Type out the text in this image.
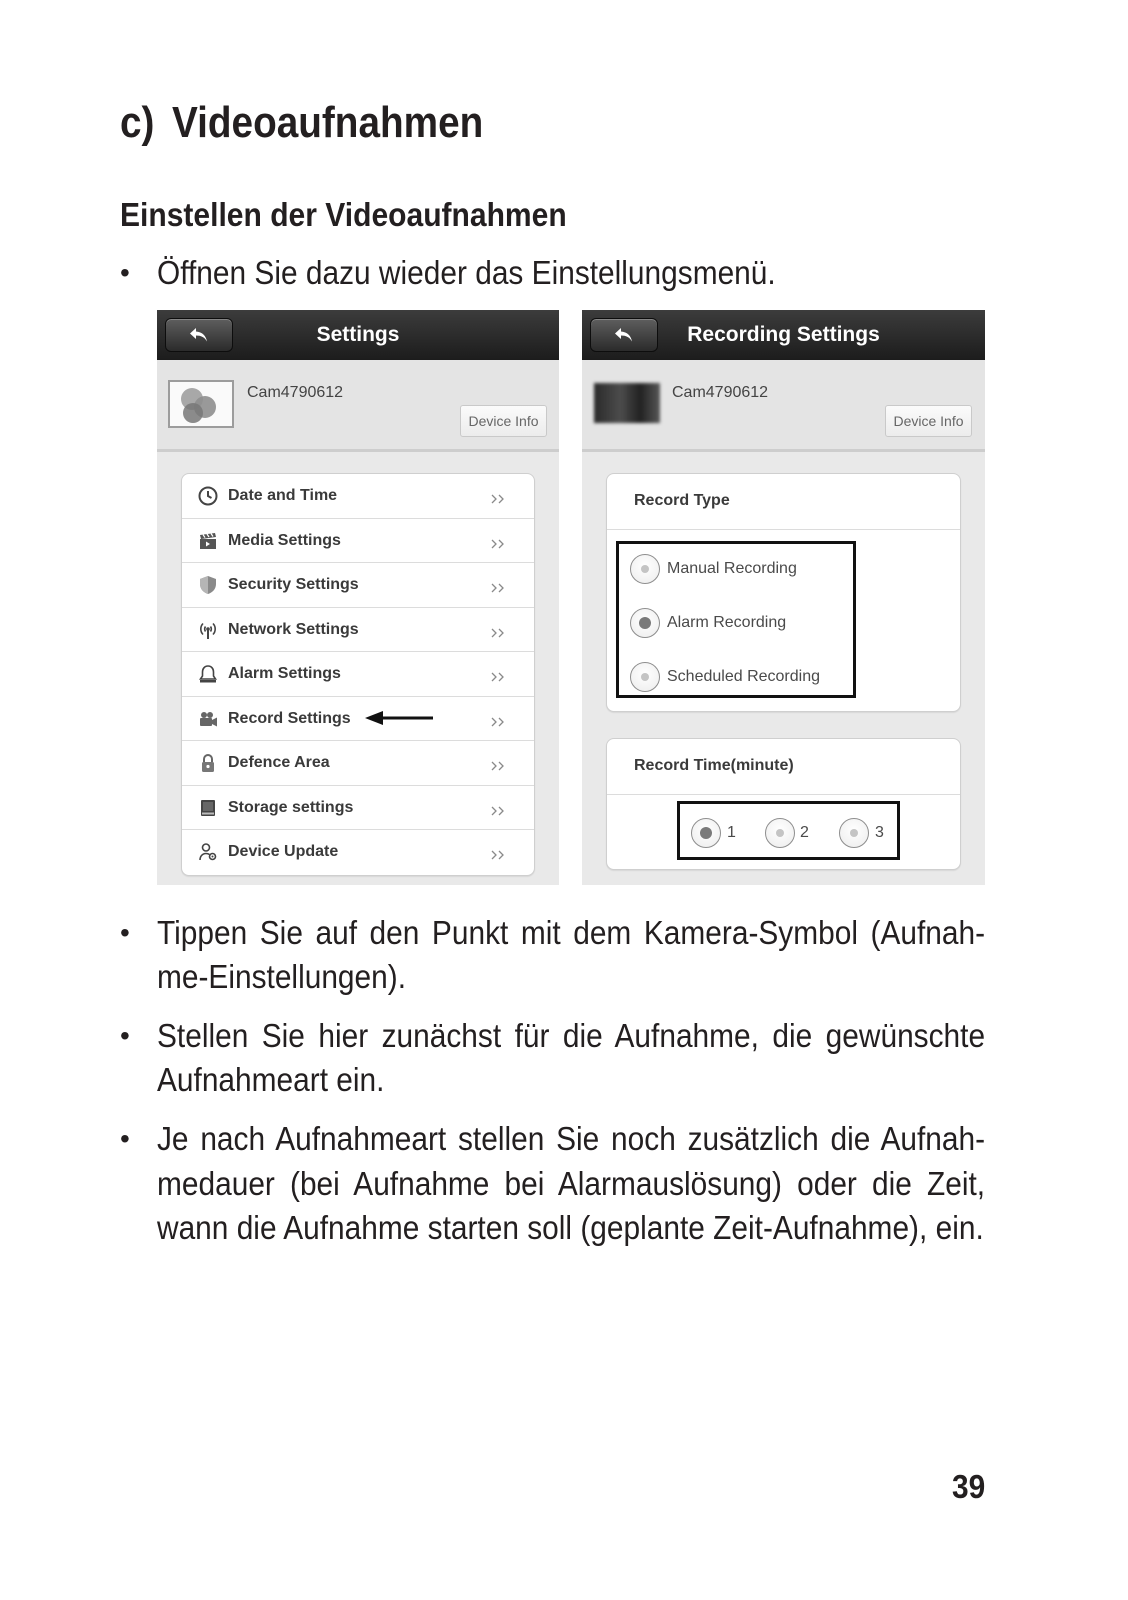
c) Videoaufnahmen
Einstellen der Videoaufnahmen
• Öffnen Sie dazu wieder das Einstellungsmenü.
Settings
Cam4790612
Device Info
Date and Time
Media Settings
Security Settings
Network Settings
Alarm Settings
Record Settings
Defence Area
Storage settings
Device Update
Recording Settings
Cam4790612
Device Info
Record Type
Manual Recording
Alarm Recording
Scheduled Recording
Record Time(minute)
1	2	3
• Tippen Sie auf den Punkt mit dem Kamera-Symbol (Aufnah-
me-Einstellungen).
• Stellen Sie hier zunächst für die Aufnahme, die gewünschte
Aufnahmeart ein.
• Je nach Aufnahmeart stellen Sie noch zusätzlich die Aufnah-
medauer (bei Aufnahme bei Alarmauslösung) oder die Zeit,
wann die Aufnahme starten soll (geplante Zeit-Aufnahme), ein.
39
